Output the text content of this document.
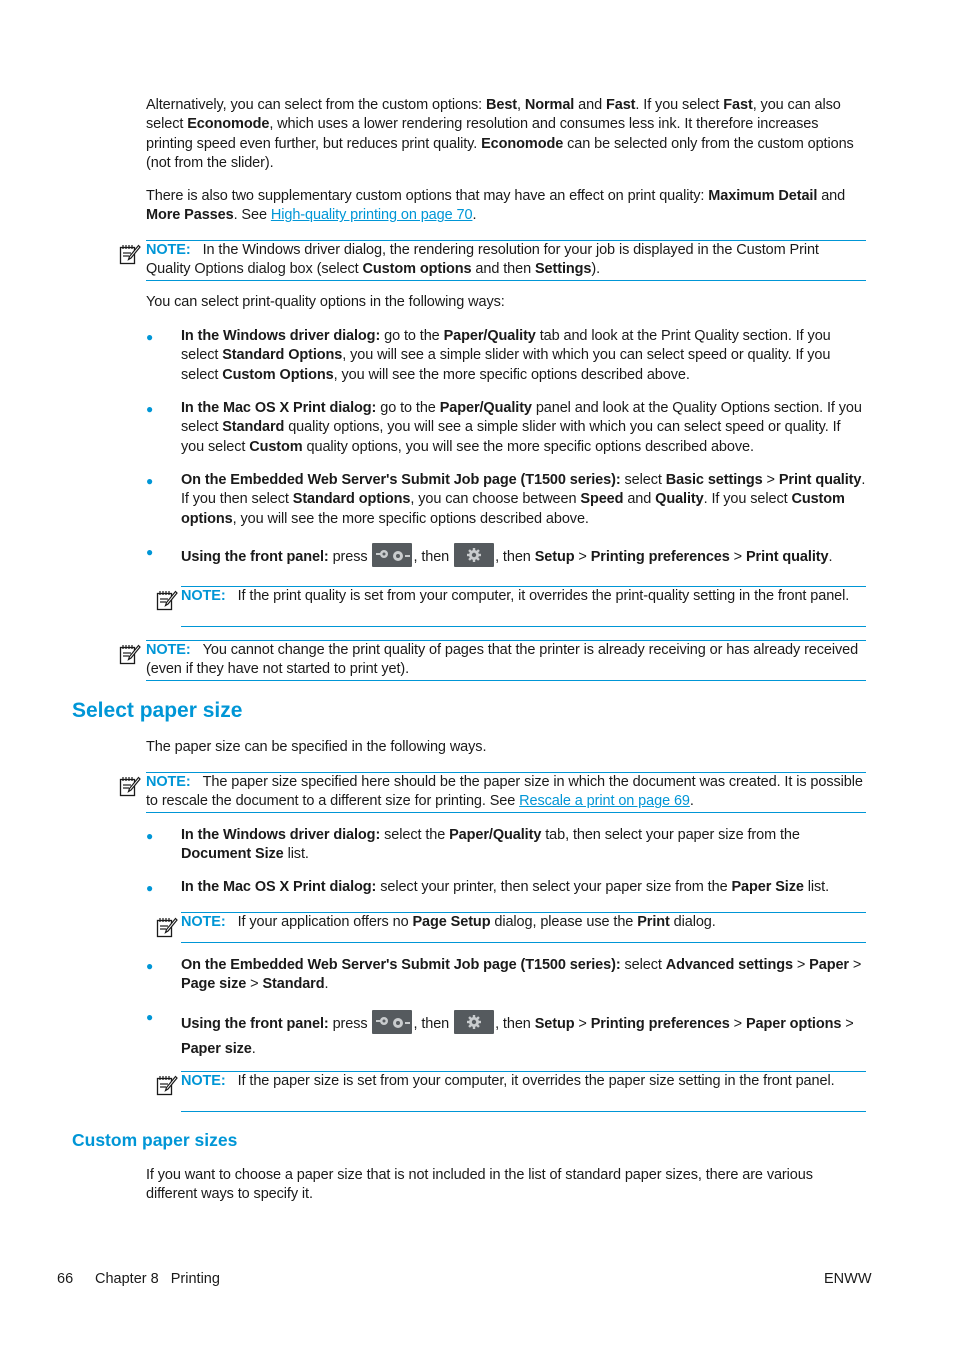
Alternatively, you can select from the custom options: Best, Normal and Fast. If you select Fast, you can also select Economode, which uses a lower rendering resolution and consumes less ink. It therefore increases printing speed even further, but reduces print quality. Economode can be selected only from the custom options (not from the slider).

There is also two supplementary custom options that may have an effect on print quality: Maximum Detail and More Passes. See High-quality printing on page 70.

NOTE: In the Windows driver dialog, the rendering resolution for your job is displayed in the Custom Print Quality Options dialog box (select Custom options and then Settings).

You can select print-quality options in the following ways:

● In the Windows driver dialog: go to the Paper/Quality tab and look at the Print Quality section. If you select Standard Options, you will see a simple slider with which you can select speed or quality. If you select Custom Options, you will see the more specific options described above.

● In the Mac OS X Print dialog: go to the Paper/Quality panel and look at the Quality Options section. If you select Standard quality options, you will see a simple slider with which you can select speed or quality. If you select Custom quality options, you will see the more specific options described above.

● On the Embedded Web Server's Submit Job page (T1500 series): select Basic settings > Print quality. If you then select Standard options, you can choose between Speed and Quality. If you select Custom options, you will see the more specific options described above.

● Using the front panel: press	, then	, then Setup > Printing preferences > Print quality.

NOTE: If the print quality is set from your computer, it overrides the print-quality setting in the front panel.
NOTE: You cannot change the print quality of pages that the printer is already receiving or has already received (even if they have not started to print yet).
Select paper size

The paper size can be specified in the following ways.

NOTE: The paper size specified here should be the paper size in which the document was created. It is possible to rescale the document to a different size for printing. See Rescale a print on page 69.
● In the Windows driver dialog: select the Paper/Quality tab, then select your paper size from the Document Size list.

● In the Mac OS X Print dialog: select your printer, then select your paper size from the Paper Size list.

NOTE: If your application offers no Page Setup dialog, please use the Print dialog.
● On the Embedded Web Server's Submit Job page (T1500 series): select Advanced settings > Paper > Page size > Standard.

● Using the front panel: press	, then	, then Setup > Printing preferences > Paper options > Paper size.

NOTE: If the paper size is set from your computer, it overrides the paper size setting in the front panel.
Custom paper sizes

If you want to choose a paper size that is not included in the list of standard paper sizes, there are various different ways to specify it.

66 Chapter 8   Printing	ENWW
